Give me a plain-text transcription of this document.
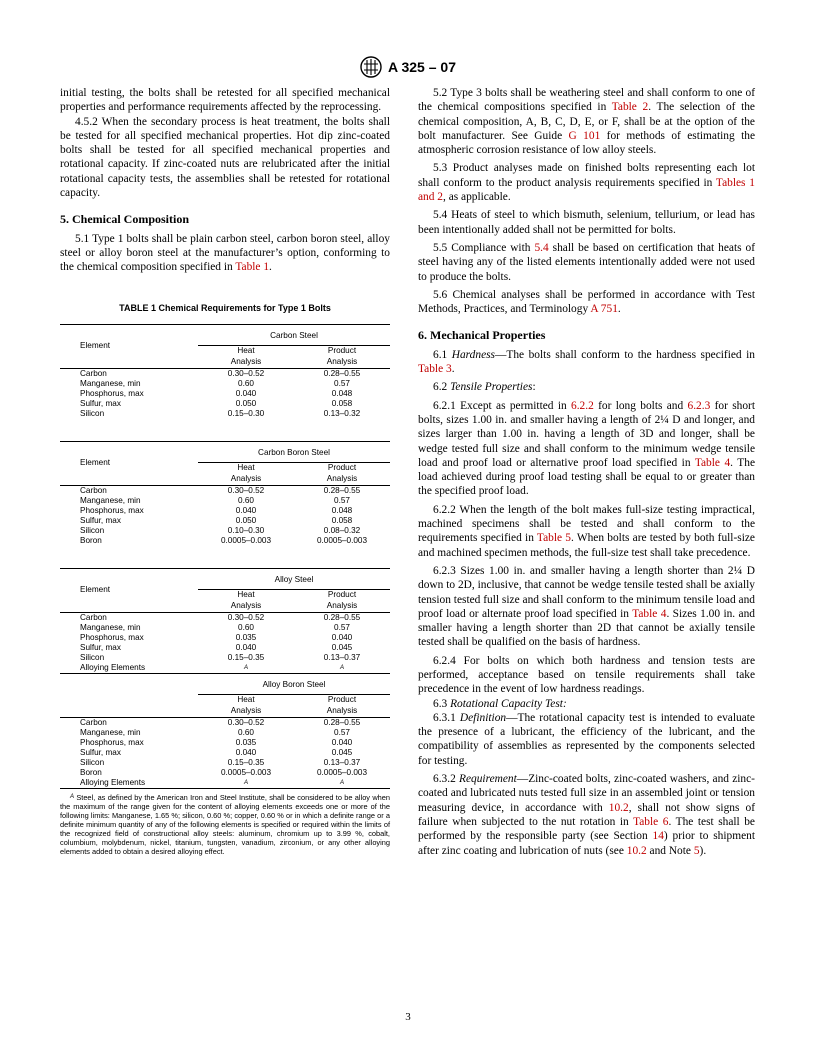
A 325 – 07

initial testing, the bolts shall be retested for all specified mechanical properties and performance requirements affected by the reprocessing.

4.5.2 When the secondary process is heat treatment, the bolts shall be tested for all specified mechanical properties. Hot dip zinc-coated bolts shall be tested for all specified mechanical properties and rotational capacity. If zinc-coated nuts are relubricated after the initial rotational capacity tests, the assemblies shall be retested for rotational capacity.

5. Chemical Composition

5.1 Type 1 bolts shall be plain carbon steel, carbon boron steel, alloy steel or alloy boron steel at the manufacturer’s option, conforming to the chemical composition specified in Table 1.

TABLE 1 Chemical Requirements for Type 1 Bolts
Element	Carbon Steel	
	Heat	Product
	Analysis	Analysis
Carbon	0.30–0.52	0.28–0.55
Manganese, min	0.60	0.57
Phosphorus, max	0.040	0.048
Sulfur, max	0.050	0.058
Silicon	0.15–0.30	0.13–0.32
Element	Carbon Boron Steel	
	Heat	Product
	Analysis	Analysis
Carbon	0.30–0.52	0.28–0.55
Manganese, min	0.60	0.57
Phosphorus, max	0.040	0.048
Sulfur, max	0.050	0.058
Silicon	0.10–0.30	0.08–0.32
Boron	0.0005–0.003	0.0005–0.003
Element	Alloy Steel	
	Heat	Product
	Analysis	Analysis
Carbon	0.30–0.52	0.28–0.55
Manganese, min	0.60	0.57
Phosphorus, max	0.035	0.040
Sulfur, max	0.040	0.045
Silicon	0.15–0.35	0.13–0.37
Alloying Elements	A	A
	Alloy Boron Steel	
	Heat	Product
	Analysis	Analysis
Carbon	0.30–0.52	0.28–0.55
Manganese, min	0.60	0.57
Phosphorus, max	0.035	0.040
Sulfur, max	0.040	0.045
Silicon	0.15–0.35	0.13–0.37
Boron	0.0005–0.003	0.0005–0.003
Alloying Elements	A	A
$^A$ Steel, as defined by the American Iron and Steel Institute, shall be considered to be alloy when the maximum of the range given for the content of alloying elements exceeds one or more of the following limits: Manganese, 1.65 %; silicon, 0.60 %; copper, 0.60 % or in which a definite range or a definite minimum quantity of any of the following elements is specified or required within the limits of the recognized field of constructional alloy steels: aluminum, chromium up to 3.99 %, cobalt, columbium, molybdenum, nickel, titanium, tungsten, vanadium, zirconium, or any other alloying elements added to obtain a desired alloying effect.

5.2 Type 3 bolts shall be weathering steel and shall conform to one of the chemical compositions specified in Table 2. The selection of the chemical composition, A, B, C, D, E, or F, shall be at the option of the bolt manufacturer. See Guide G 101 for methods of estimating the atmospheric corrosion resistance of low alloy steels.

5.3 Product analyses made on finished bolts representing each lot shall conform to the product analysis requirements specified in Tables 1 and 2, as applicable.

5.4 Heats of steel to which bismuth, selenium, tellurium, or lead has been intentionally added shall not be permitted for bolts.

5.5 Compliance with 5.4 shall be based on certification that heats of steel having any of the listed elements intentionally added were not used to produce the bolts.

5.6 Chemical analyses shall be performed in accordance with Test Methods, Practices, and Terminology A 751.

6. Mechanical Properties

6.1 Hardness—The bolts shall conform to the hardness specified in Table 3.

6.2 Tensile Properties:

6.2.1 Except as permitted in 6.2.2 for long bolts and 6.2.3 for short bolts, sizes 1.00 in. and smaller having a length of 2¼ D and longer, and sizes larger than 1.00 in. having a length of 3D and longer, shall be wedge tested full size and shall conform to the minimum wedge tensile load and proof load or alternative proof load specified in Table 4. The load achieved during proof load testing shall be equal to or greater than the specified proof load.

6.2.2 When the length of the bolt makes full-size testing impractical, machined specimens shall be tested and shall conform to the requirements specified in Table 5. When bolts are tested by both full-size and machined specimen methods, the full-size test shall take precedence.

6.2.3 Sizes 1.00 in. and smaller having a length shorter than 2¼ D down to 2D, inclusive, that cannot be wedge tensile tested shall be axially tension tested full size and shall conform to the minimum tensile load and proof load or alternate proof load specified in Table 4. Sizes 1.00 in. and smaller having a length shorter than 2D that cannot be axially tensile tested shall be qualified on the basis of hardness.

6.2.4 For bolts on which both hardness and tension tests are performed, acceptance based on tensile requirements shall take precedence in the event of low hardness readings.

6.3 Rotational Capacity Test:

6.3.1 Definition—The rotational capacity test is intended to evaluate the presence of a lubricant, the efficiency of the lubricant, and the compatibility of assemblies as represented by the components selected for testing.

6.3.2 Requirement—Zinc-coated bolts, zinc-coated washers, and zinc-coated and lubricated nuts tested full size in an assembled joint or tension measuring device, in accordance with 10.2, shall not show signs of failure when subjected to the nut rotation in Table 6. The test shall be performed by the responsible party (see Section 14) prior to shipment after zinc coating and lubrication of nuts (see 10.2 and Note 5).

3
